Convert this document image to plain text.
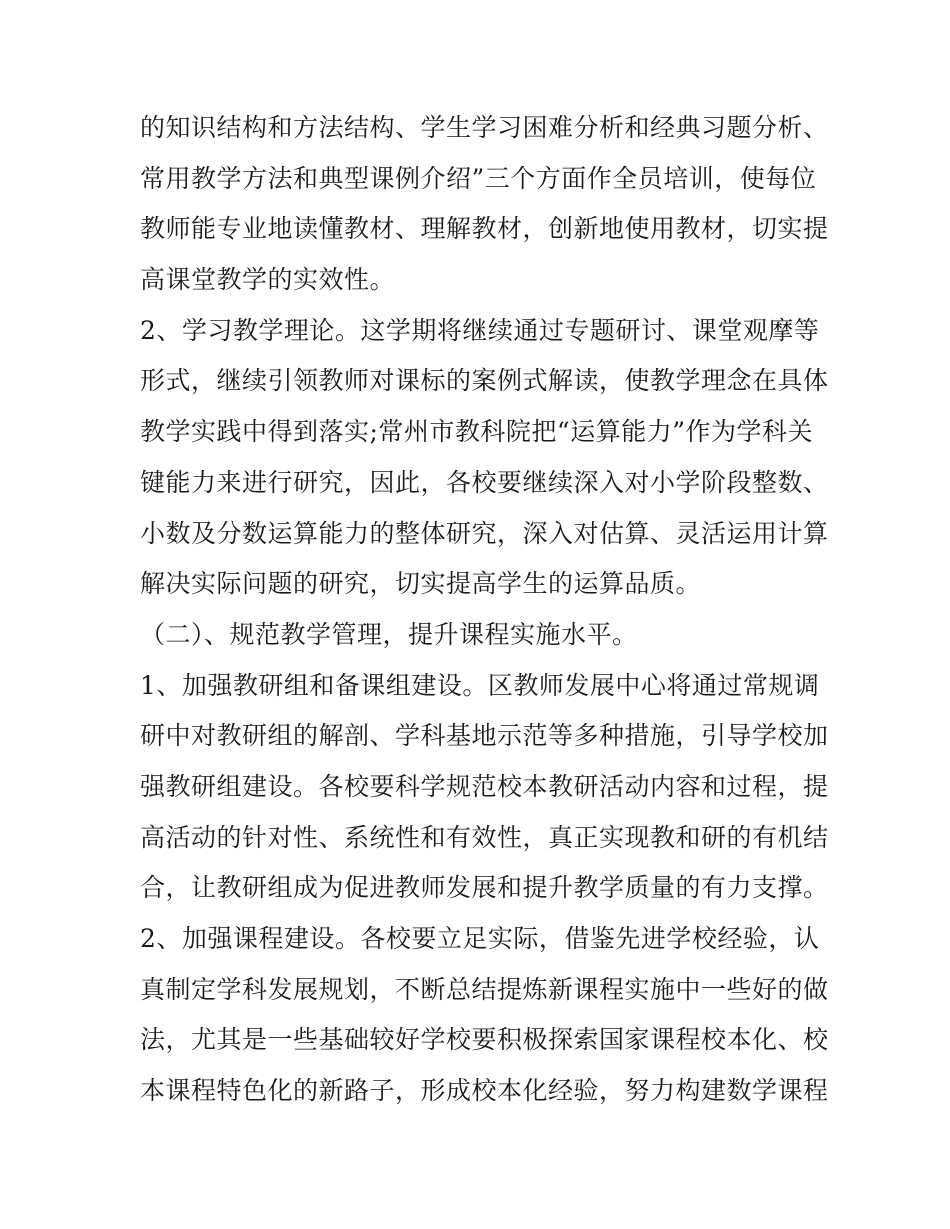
的知识结构和方法结构、学生学习困难分析和经典习题分析、
常用教学方法和典型课例介绍”三个方面作全员培训，使每位
教师能专业地读懂教材、理解教材，创新地使用教材，切实提
高课堂教学的实效性。
2、学习教学理论。这学期将继续通过专题研讨、课堂观摩等
形式，继续引领教师对课标的案例式解读，使教学理念在具体
教学实践中得到落实;常州市教科院把“运算能力”作为学科关
键能力来进行研究，因此，各校要继续深入对小学阶段整数、
小数及分数运算能力的整体研究，深入对估算、灵活运用计算
解决实际问题的研究，切实提高学生的运算品质。
（二）、规范教学管理，提升课程实施水平。
1、加强教研组和备课组建设。区教师发展中心将通过常规调
研中对教研组的解剖、学科基地示范等多种措施，引导学校加
强教研组建设。各校要科学规范校本教研活动内容和过程，提
高活动的针对性、系统性和有效性，真正实现教和研的有机结
合，让教研组成为促进教师发展和提升教学质量的有力支撑。
2、加强课程建设。各校要立足实际，借鉴先进学校经验，认
真制定学科发展规划，不断总结提炼新课程实施中一些好的做
法，尤其是一些基础较好学校要积极探索国家课程校本化、校
本课程特色化的新路子，形成校本化经验，努力构建数学课程
